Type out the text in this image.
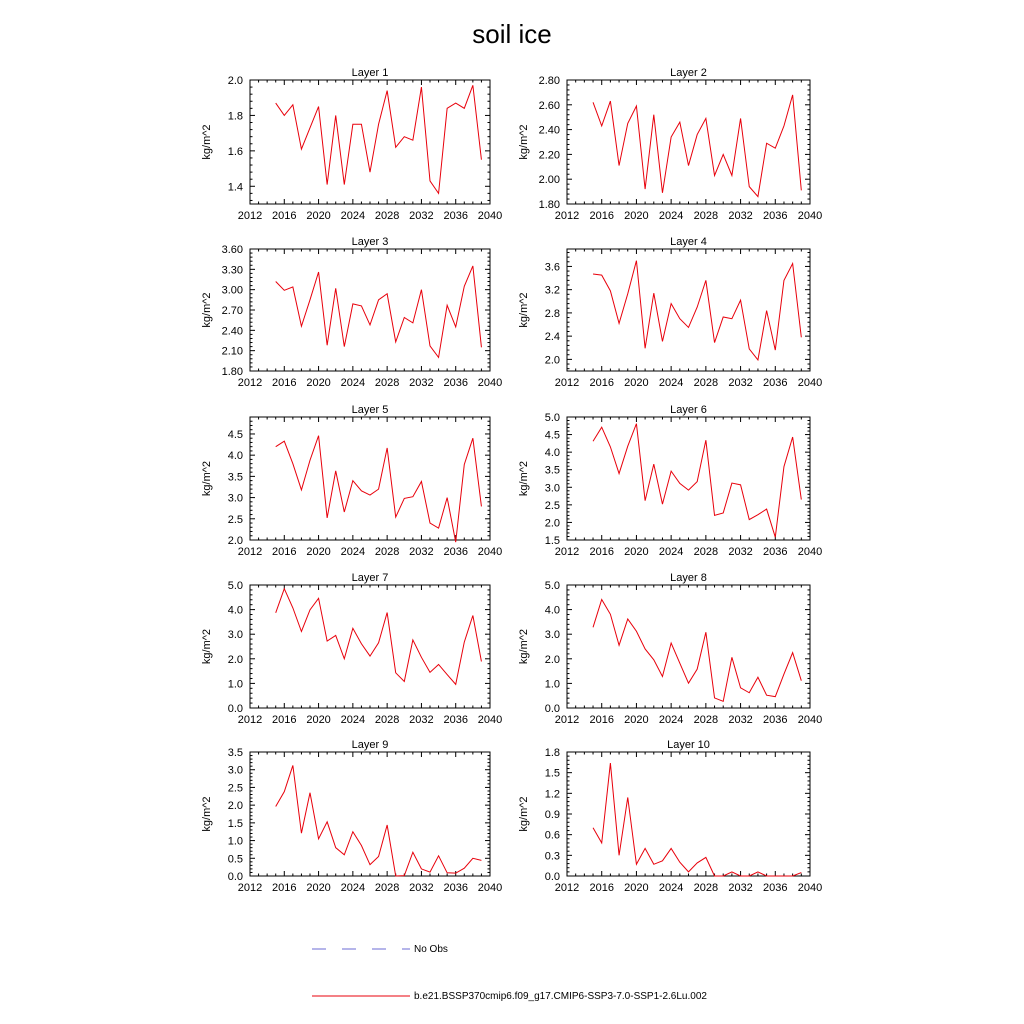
soil ice
Layer 1
kg/m^2
2012 2016 2020 2024 2028 2032 2036 2040
1.4
1.6
1.8
2.0
Layer 2
kg/m^2
2012 2016 2020 2024 2028 2032 2036 2040
1.80
2.00
2.20
2.40
2.60
2.80
Layer 3
kg/m^2
2012 2016 2020 2024 2028 2032 2036 2040
1.80
2.10
2.40
2.70
3.00
3.30
3.60
Layer 4
kg/m^2
2012 2016 2020 2024 2028 2032 2036 2040
2.0
2.4
2.8
3.2
3.6
Layer 5
kg/m^2
2012 2016 2020 2024 2028 2032 2036 2040
2.0
2.5
3.0
3.5
4.0
4.5
Layer 6
kg/m^2
2012 2016 2020 2024 2028 2032 2036 2040
1.5
2.0
2.5
3.0
3.5
4.0
4.5
5.0
Layer 7
kg/m^2
2012 2016 2020 2024 2028 2032 2036 2040
0.0
1.0
2.0
3.0
4.0
5.0
Layer 8
kg/m^2
2012 2016 2020 2024 2028 2032 2036 2040
0.0
1.0
2.0
3.0
4.0
5.0
Layer 9
kg/m^2
2012 2016 2020 2024 2028 2032 2036 2040
0.0
0.5
1.0
1.5
2.0
2.5
3.0
3.5
Layer 10
kg/m^2
2012 2016 2020 2024 2028 2032 2036 2040
0.0
0.3
0.6
0.9
1.2
1.5
1.8
No Obs
b.e21.BSSP370cmip6.f09_g17.CMIP6-SSP3-7.0-SSP1-2.6Lu.002
